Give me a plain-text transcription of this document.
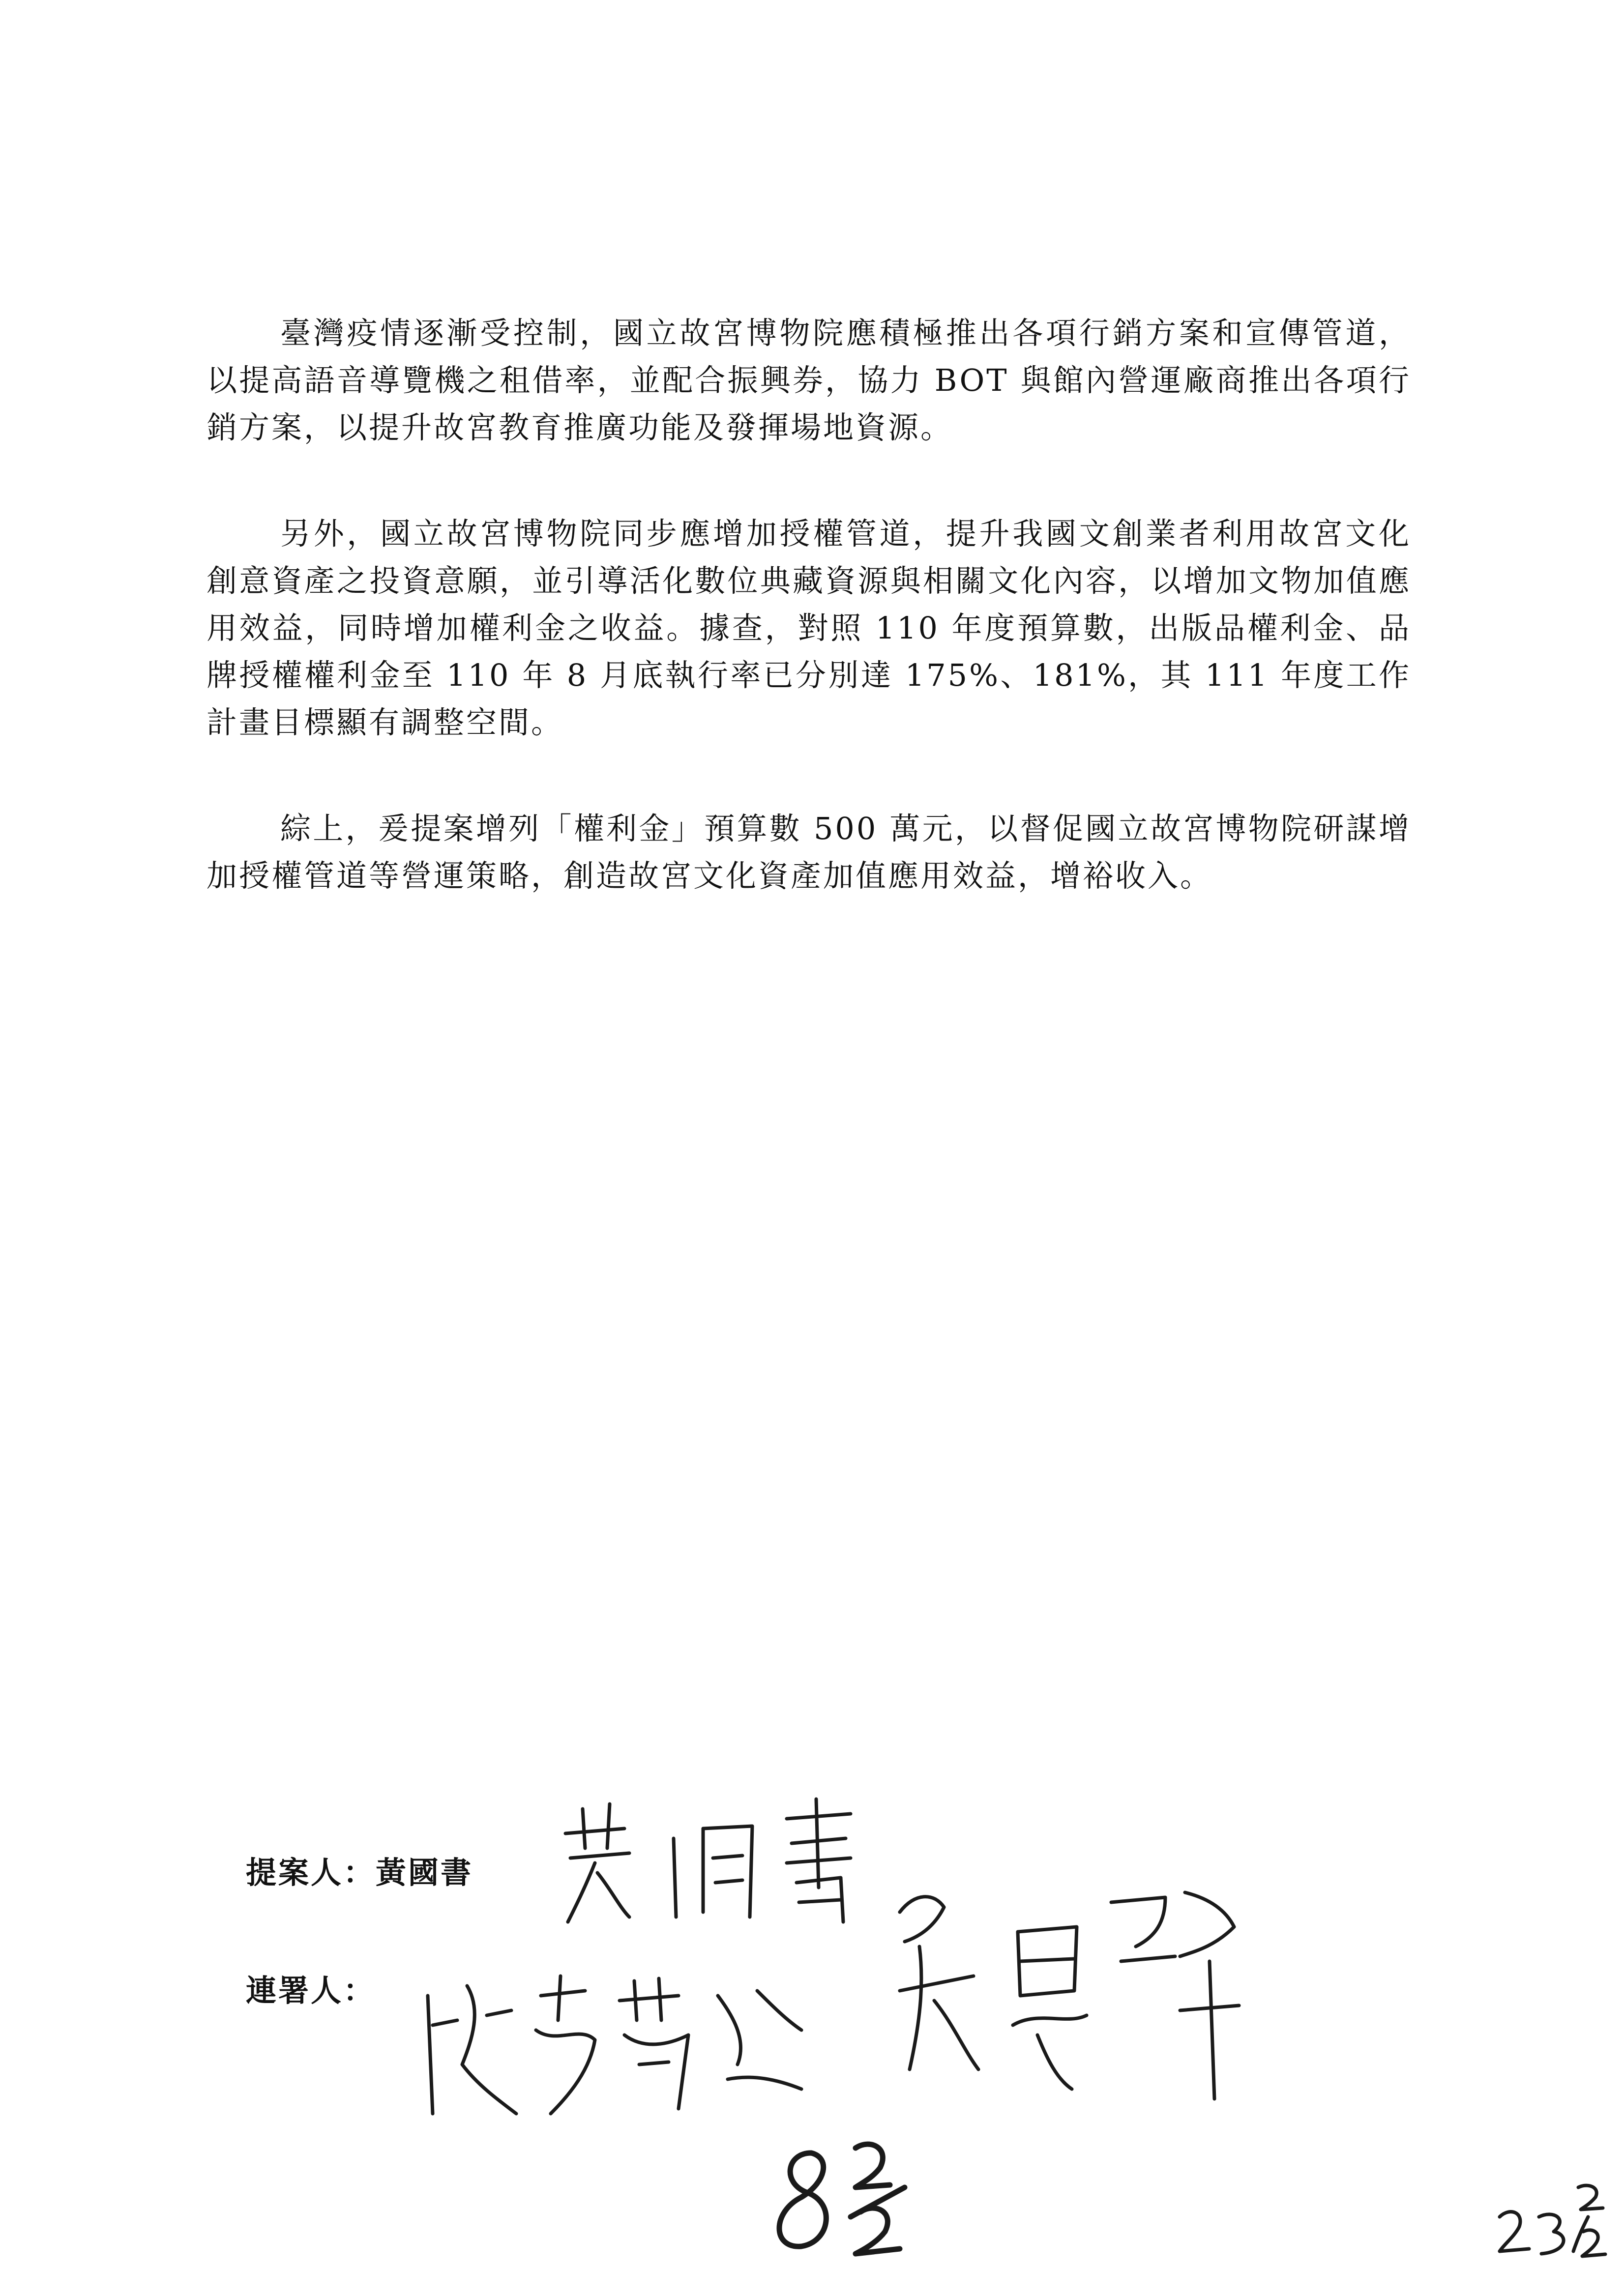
臺灣疫情逐漸受控制，國立故宮博物院應積極推出各項行銷方案和宣傳管道，以提高語音導覽機之租借率，並配合振興券，協力 BOT 與館內營運廠商推出各項行銷方案，以提升故宮教育推廣功能及發揮場地資源。

另外，國立故宮博物院同步應增加授權管道，提升我國文創業者利用故宮文化創意資產之投資意願，並引導活化數位典藏資源與相關文化內容，以增加文物加值應用效益，同時增加權利金之收益。據查，對照 110 年度預算數，出版品權利金、品牌授權權利金至 110 年 8 月底執行率已分別達 175%、181%，其 111 年度工作計畫目標顯有調整空間。

綜上，爰提案增列「權利金」預算數 500 萬元，以督促國立故宮博物院研謀增加授權管道等營運策略，創造故宮文化資產加值應用效益，增裕收入。

提案人：黃國書
連署人：
